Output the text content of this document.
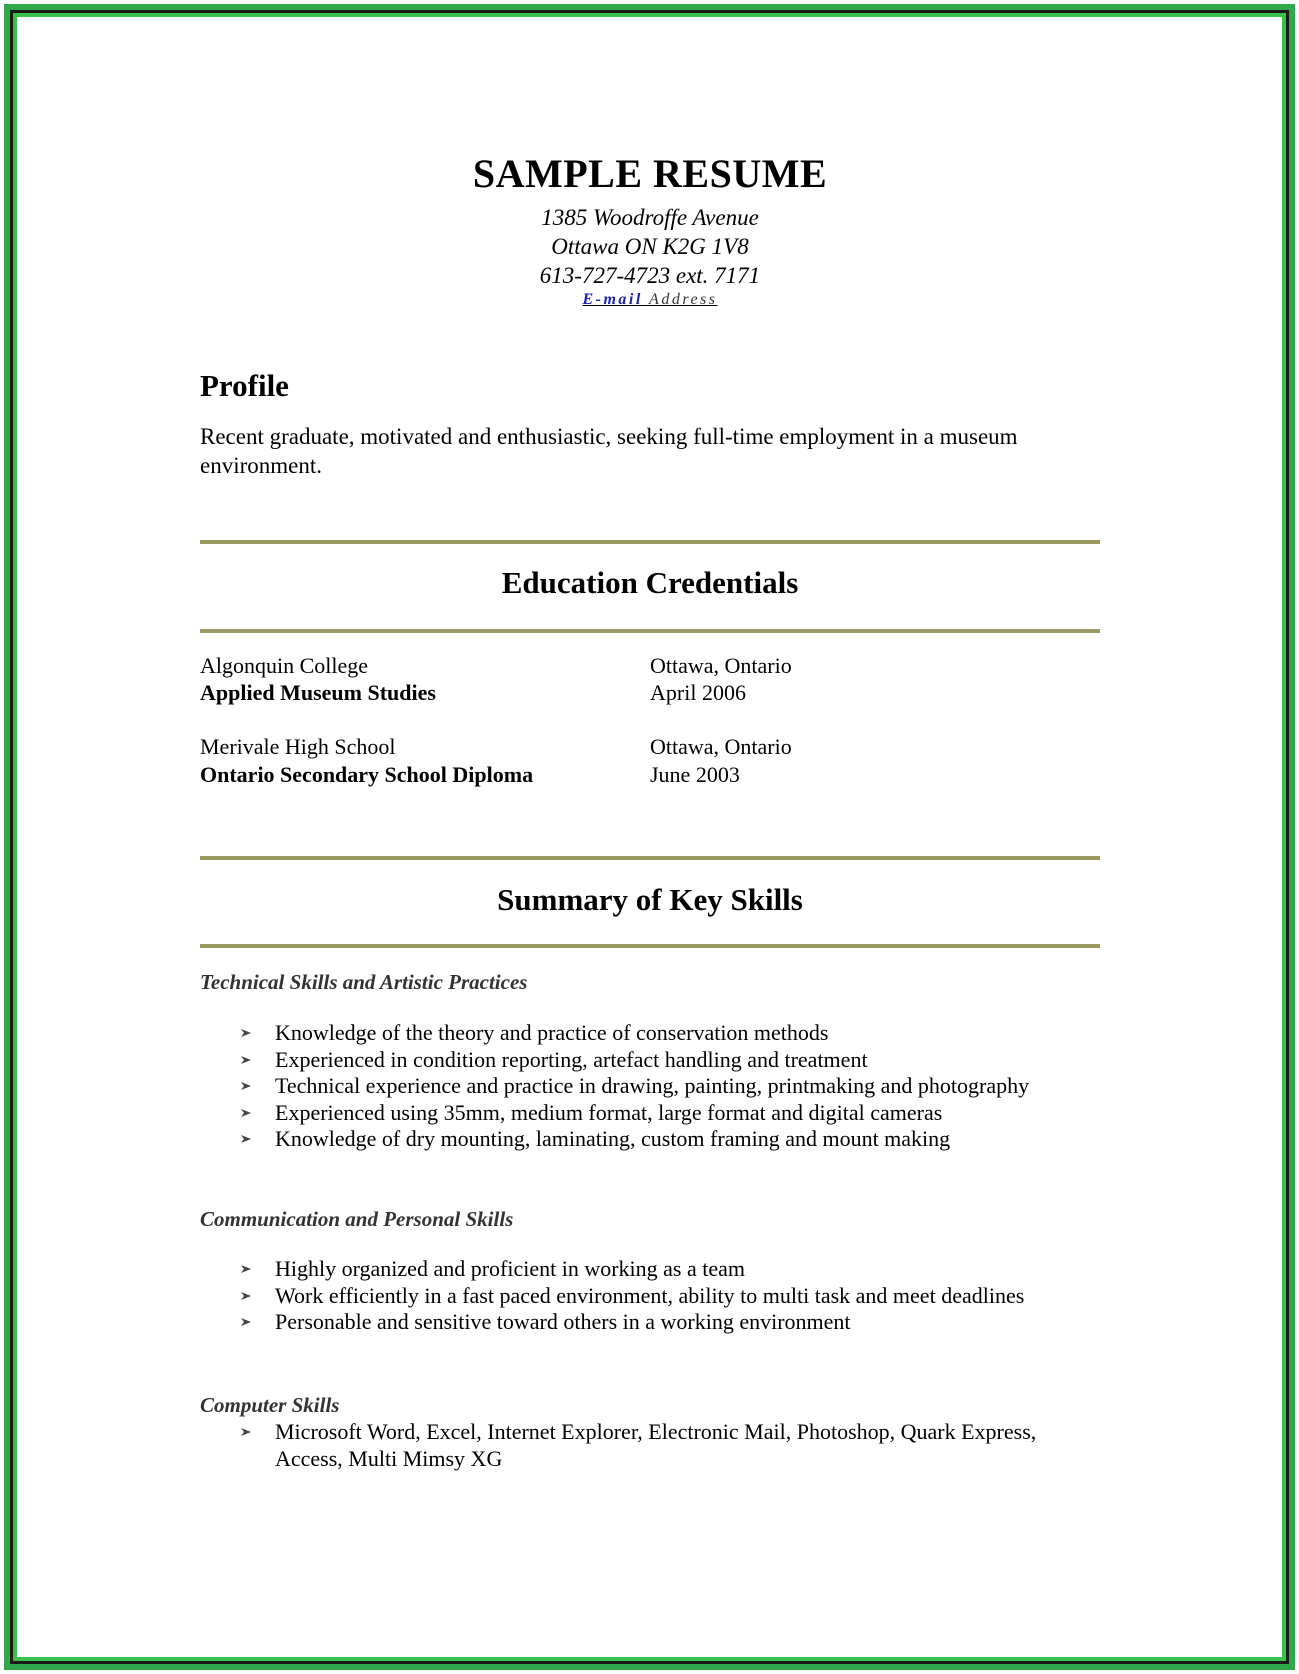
SAMPLE RESUME
1385 Woodroffe Avenue
Ottawa ON K2G 1V8
613-727-4723 ext. 7171
E-mail Address
Profile
Recent graduate, motivated and enthusiastic, seeking full-time employment in a museum environment.
Education Credentials
Algonquin College	Ottawa, Ontario
Applied Museum Studies	April 2006
Merivale High School	Ottawa, Ontario
Ontario Secondary School Diploma	June 2003
Summary of Key Skills
Technical Skills and Artistic Practices
Knowledge of the theory and practice of conservation methods
Experienced in condition reporting, artefact handling and treatment
Technical experience and practice in drawing, painting, printmaking and photography
Experienced using 35mm, medium format, large format and digital cameras
Knowledge of dry mounting, laminating, custom framing and mount making
Communication and Personal Skills
Highly organized and proficient in working as a team
Work efficiently in a fast paced environment, ability to multi task and meet deadlines
Personable and sensitive toward others in a working environment
Computer Skills
Microsoft Word, Excel, Internet Explorer, Electronic Mail, Photoshop, Quark Express, Access, Multi Mimsy XG
